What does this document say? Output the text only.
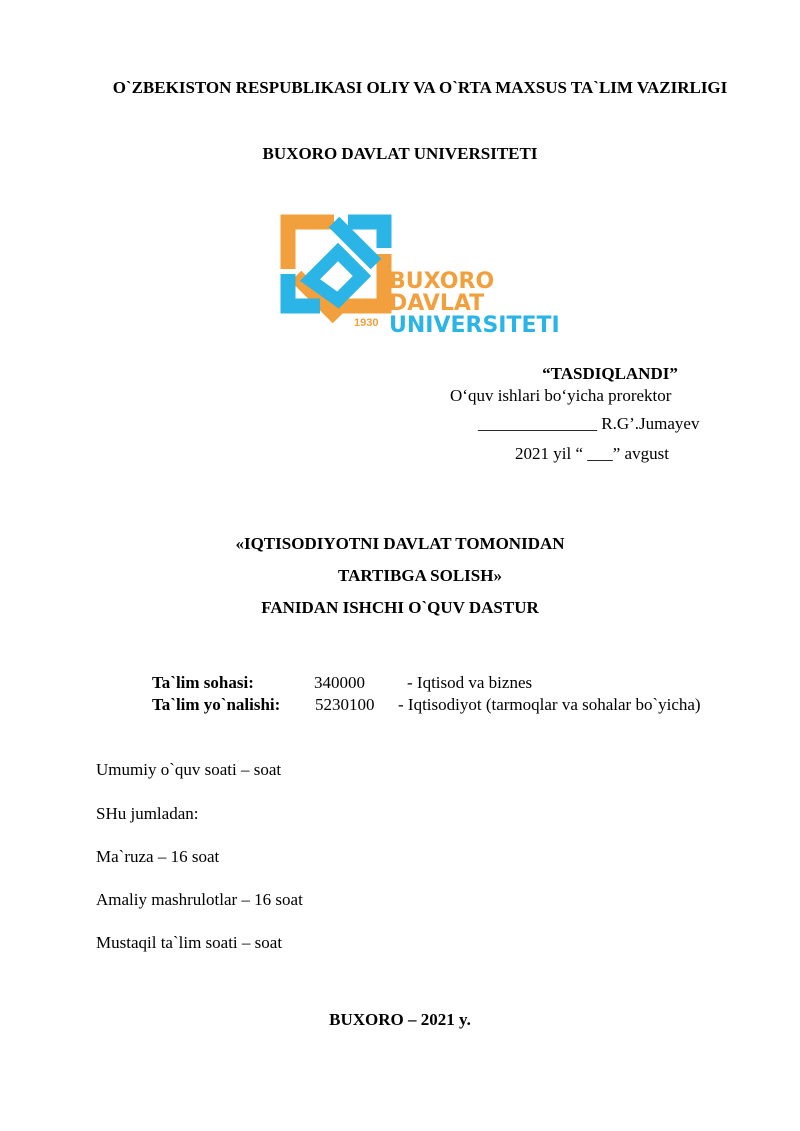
O`ZBEKISTON RESPUBLIKASI OLIY VA O`RTA MAXSUS TA`LIM VAZIRLIGI
BUXORO DAVLAT UNIVERSITETI
1930
BUXORO
DAVLAT
UNIVERSITETI
“TASDIQLANDI”
O‘quv ishlari bo‘yicha prorektor
______________ R.G’.Jumayev
2021 yil “ ___” avgust
«IQTISODIYOTNI DAVLAT TOMONIDAN
TARTIBGA SOLISH»
FANIDAN ISHCHI O`QUV DASTUR
Ta`lim sohasi:	340000 - Iqtisod va biznes
Ta`lim yo`nalishi: 5230100 - Iqtisodiyot (tarmoqlar va sohalar bo`yicha)
Umumiy o`quv soati – soat
SHu jumladan:
Ma`ruza – 16 soat
Amaliy mashrulotlar – 16 soat
Mustaqil ta`lim soati – soat
BUXORO – 2021 y.
